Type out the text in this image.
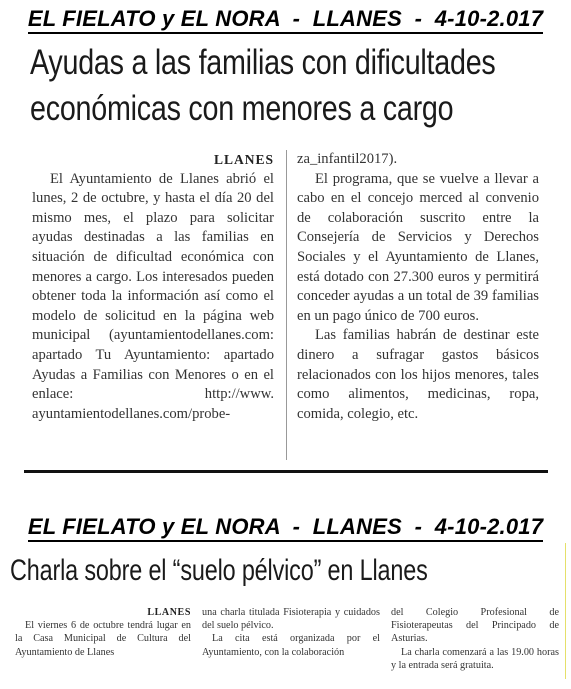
EL FIELATO y EL NORA  -  LLANES  -  4-10-2.017
Ayudas a las familias con dificultades
económicas con menores a cargo
LLANES

El Ayuntamiento de Llanes abrió el lunes, 2 de octubre, y hasta el día 20 del mismo mes, el plazo para solicitar ayudas destinadas a las familias en situación de dificultad económica con menores a cargo. Los interesados pueden obtener toda la información así como el modelo de solicitud en la página web municipal (ayuntamientodellanes.com: apartado Tu Ayuntamiento: apartado Ayudas a Familias con Menores o en el enlace: http://www. ayuntamientodellanes.com/probe-

za_infantil2017).

El programa, que se vuelve a llevar a cabo en el concejo merced al convenio de colaboración suscrito entre la Consejería de Servicios y Derechos Sociales y el Ayuntamiento de Llanes, está dotado con 27.300 euros y permitirá conceder ayudas a un total de 39 familias en un pago único de 700 euros.

Las familias habrán de destinar este dinero a sufragar gastos básicos relacionados con los hijos menores, tales como alimentos, medicinas, ropa, comida, colegio, etc.

EL FIELATO y EL NORA  -  LLANES  -  4-10-2.017
Charla sobre el “suelo pélvico” en Llanes
LLANES

El viernes 6 de octubre tendrá lugar en la Casa Municipal de Cultura del Ayuntamiento de Llanes

una charla titulada Fisioterapia y cuidados del suelo pélvico.

La cita está organizada por el Ayuntamiento, con la colaboración

del Colegio Profesional de Fisioterapeutas del Principado de Asturias.

La charla comenzará a las 19.00 horas y la entrada será gratuita.
